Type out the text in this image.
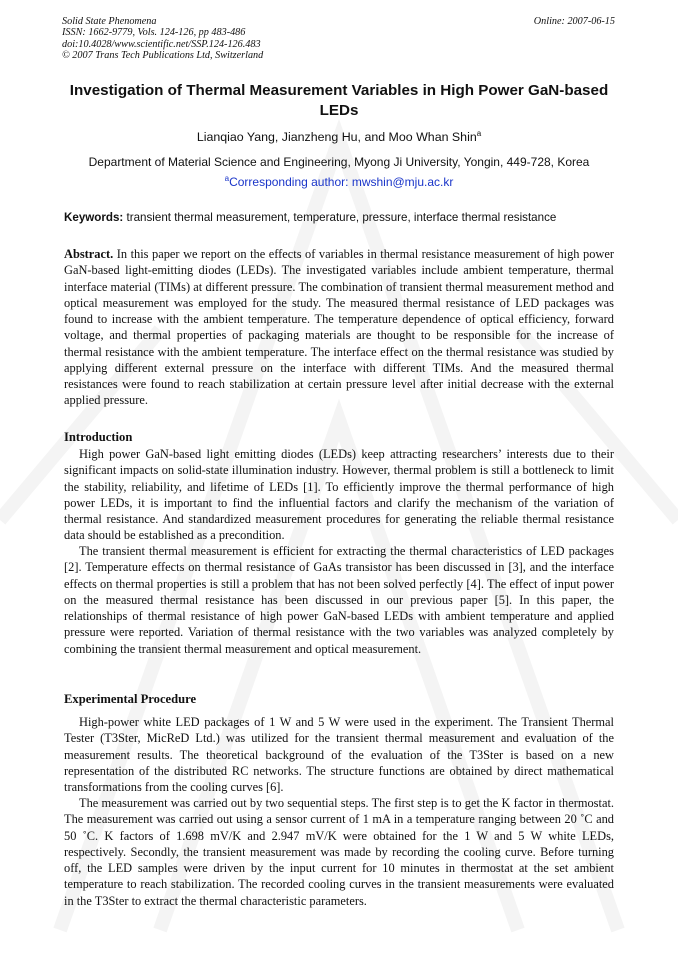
Solid State Phenomena
ISSN: 1662-9779, Vols. 124-126, pp 483-486
doi:10.4028/www.scientific.net/SSP.124-126.483
© 2007 Trans Tech Publications Ltd, Switzerland
Online: 2007-06-15
Investigation of Thermal Measurement Variables in High Power GaN-based LEDs
Lianqiao Yang, Jianzheng Hu, and Moo Whan Shin$^a$
Department of Material Science and Engineering, Myong Ji University, Yongin, 449-728, Korea
$^a$Corresponding author: mwshin@mju.ac.kr
Keywords: transient thermal measurement, temperature, pressure, interface thermal resistance
Abstract. In this paper we report on the effects of variables in thermal resistance measurement of high power GaN-based light-emitting diodes (LEDs). The investigated variables include ambient temperature, thermal interface material (TIMs) at different pressure. The combination of transient thermal measurement method and optical measurement was employed for the study. The measured thermal resistance of LED packages was found to increase with the ambient temperature. The temperature dependence of optical efficiency, forward voltage, and thermal properties of packaging materials are thought to be responsible for the increase of thermal resistance with the ambient temperature. The interface effect on the thermal resistance was studied by applying different external pressure on the interface with different TIMs. And the measured thermal resistances were found to reach stabilization at certain pressure level after initial decrease with the external applied pressure.
Introduction
High power GaN-based light emitting diodes (LEDs) keep attracting researchers’ interests due to their significant impacts on solid-state illumination industry. However, thermal problem is still a bottleneck to limit the stability, reliability, and lifetime of LEDs [1]. To efficiently improve the thermal performance of high power LEDs, it is important to find the influential factors and clarify the mechanism of the variation of thermal resistance. And standardized measurement procedures for generating the reliable thermal resistance data should be established as a precondition.
The transient thermal measurement is efficient for extracting the thermal characteristics of LED packages [2]. Temperature effects on thermal resistance of GaAs transistor has been discussed in [3], and the interface effects on thermal properties is still a problem that has not been solved perfectly [4]. The effect of input power on the measured thermal resistance has been discussed in our previous paper [5]. In this paper, the relationships of thermal resistance of high power GaN-based LEDs with ambient temperature and applied pressure were reported. Variation of thermal resistance with the two variables was analyzed completely by combining the transient thermal measurement and optical measurement.
Experimental Procedure
High-power white LED packages of 1 W and 5 W were used in the experiment. The Transient Thermal Tester (T3Ster, MicReD Ltd.) was utilized for the transient thermal measurement and evaluation of the measurement results. The theoretical background of the evaluation of the T3Ster is based on a new representation of the distributed RC networks. The structure functions are obtained by direct mathematical transformations from the cooling curves [6].
The measurement was carried out by two sequential steps. The first step is to get the K factor in thermostat. The measurement was carried out using a sensor current of 1 mA in a temperature ranging between 20 ˚C and 50 ˚C. K factors of 1.698 mV/K and 2.947 mV/K were obtained for the 1 W and 5 W white LEDs, respectively. Secondly, the transient measurement was made by recording the cooling curve. Before turning off, the LED samples were driven by the input current for 10 minutes in thermostat at the set ambient temperature to reach stabilization. The recorded cooling curves in the transient measurements were evaluated in the T3Ster to extract the thermal characteristic parameters.
